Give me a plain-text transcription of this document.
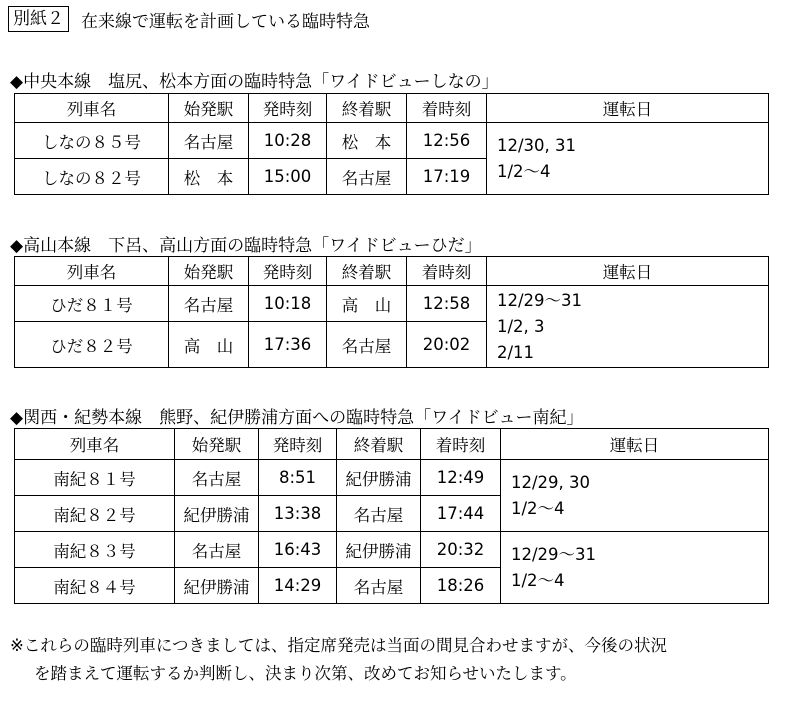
別紙２ 在来線で運転を計画している臨時特急
◆中央本線　塩尻、松本方面の臨時特急「ワイドビューしなの」
列車名	始発駅	発時刻	終着駅	着時刻	運転日
しなの８５号	名古屋	10:28	松　本	12:56	12/30, 31
1/2～4

しなの８２号	松　本	15:00	名古屋	17:19	
◆高山本線　下呂、高山方面の臨時特急「ワイドビューひだ」
列車名	始発駅	発時刻	終着駅	着時刻	運転日
ひだ８１号	名古屋	10:18	高　山	12:58	12/29～31
1/2, 3
2/11

ひだ８２号	高　山	17:36	名古屋	20:02	
◆関西・紀勢本線　熊野、紀伊勝浦方面への臨時特急「ワイドビュー南紀」
列車名	始発駅	発時刻	終着駅	着時刻	運転日
南紀８１号	名古屋	8:51	紀伊勝浦	12:49	12/29, 30
1/2～4

南紀８２号	紀伊勝浦	13:38	名古屋	17:44	
南紀８３号	名古屋	16:43	紀伊勝浦	20:32	12/29～31
1/2～4

南紀８４号	紀伊勝浦	14:29	名古屋	18:26	
※これらの臨時列車につきましては、指定席発売は当面の間見合わせますが、今後の状況
を踏まえて運転するか判断し、決まり次第、改めてお知らせいたします。
